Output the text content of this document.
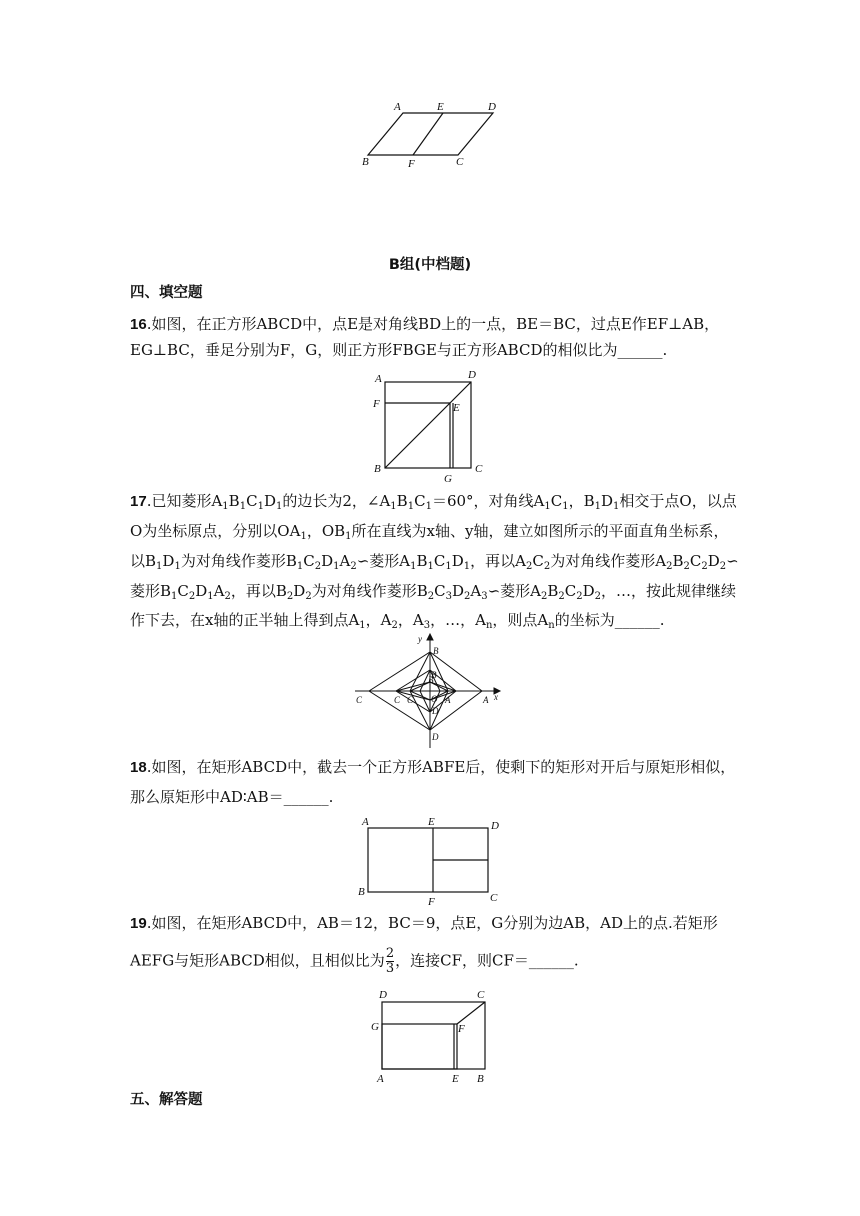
A	E	D
B	F	C
B组(中档题)
四、填空题
16.如图，在正方形ABCD中，点E是对角线BD上的一点，BE＝BC，过点E作EF⊥AB，
EG⊥BC，垂足分别为F，G，则正方形FBGE与正方形ABCD的相似比为______.
A	D
F	E
B
G
C
17.已知菱形$A_1B_1C_1D_1$的边长为2，$\angle A_1B_1C_1=60^\circ$，对角线$A_1C_1$，$B_1D_1$相交于点O，以点
O为坐标原点，分别以$OA_1$，$OB_1$所在直线为x轴、y轴，建立如图所示的平面直角坐标系，
以$B_1D_1$为对角线作菱形$B_1C_2D_1A_2∽$菱形$A_1B_1C_1D_1$，再以$A_2C_2$为对角线作菱形$A_2B_2C_2D_2∽$
菱形$B_1C_2D_1A_2$，再以$B_2D_2$为对角线作菱形$B_2C_3D_2A_3∽$菱形$A_2B_2C_2D_2$，…，按此规律继续
作下去，在x轴的正半轴上得到点$A_1$，$A_2$，$A_3$，…，$A_n$，则点$A_n$的坐标为______.
y
x
B
B
B
C	C C O
D
D
A	A
18.如图，在矩形ABCD中，截去一个正方形ABFE后，使剩下的矩形对开后与原矩形相似，
那么原矩形中AD∶AB＝______.
A	E	D
B
F	C
19.如图，在矩形ABCD中，AB＝12，BC＝9，点E，G分别为边AB，AD上的点.若矩形
AEFG与矩形ABCD相似，且相似比为 $\frac{2}{3}$ ，连接CF，则CF＝______.
D	C
G	F
A	E B
五、解答题
